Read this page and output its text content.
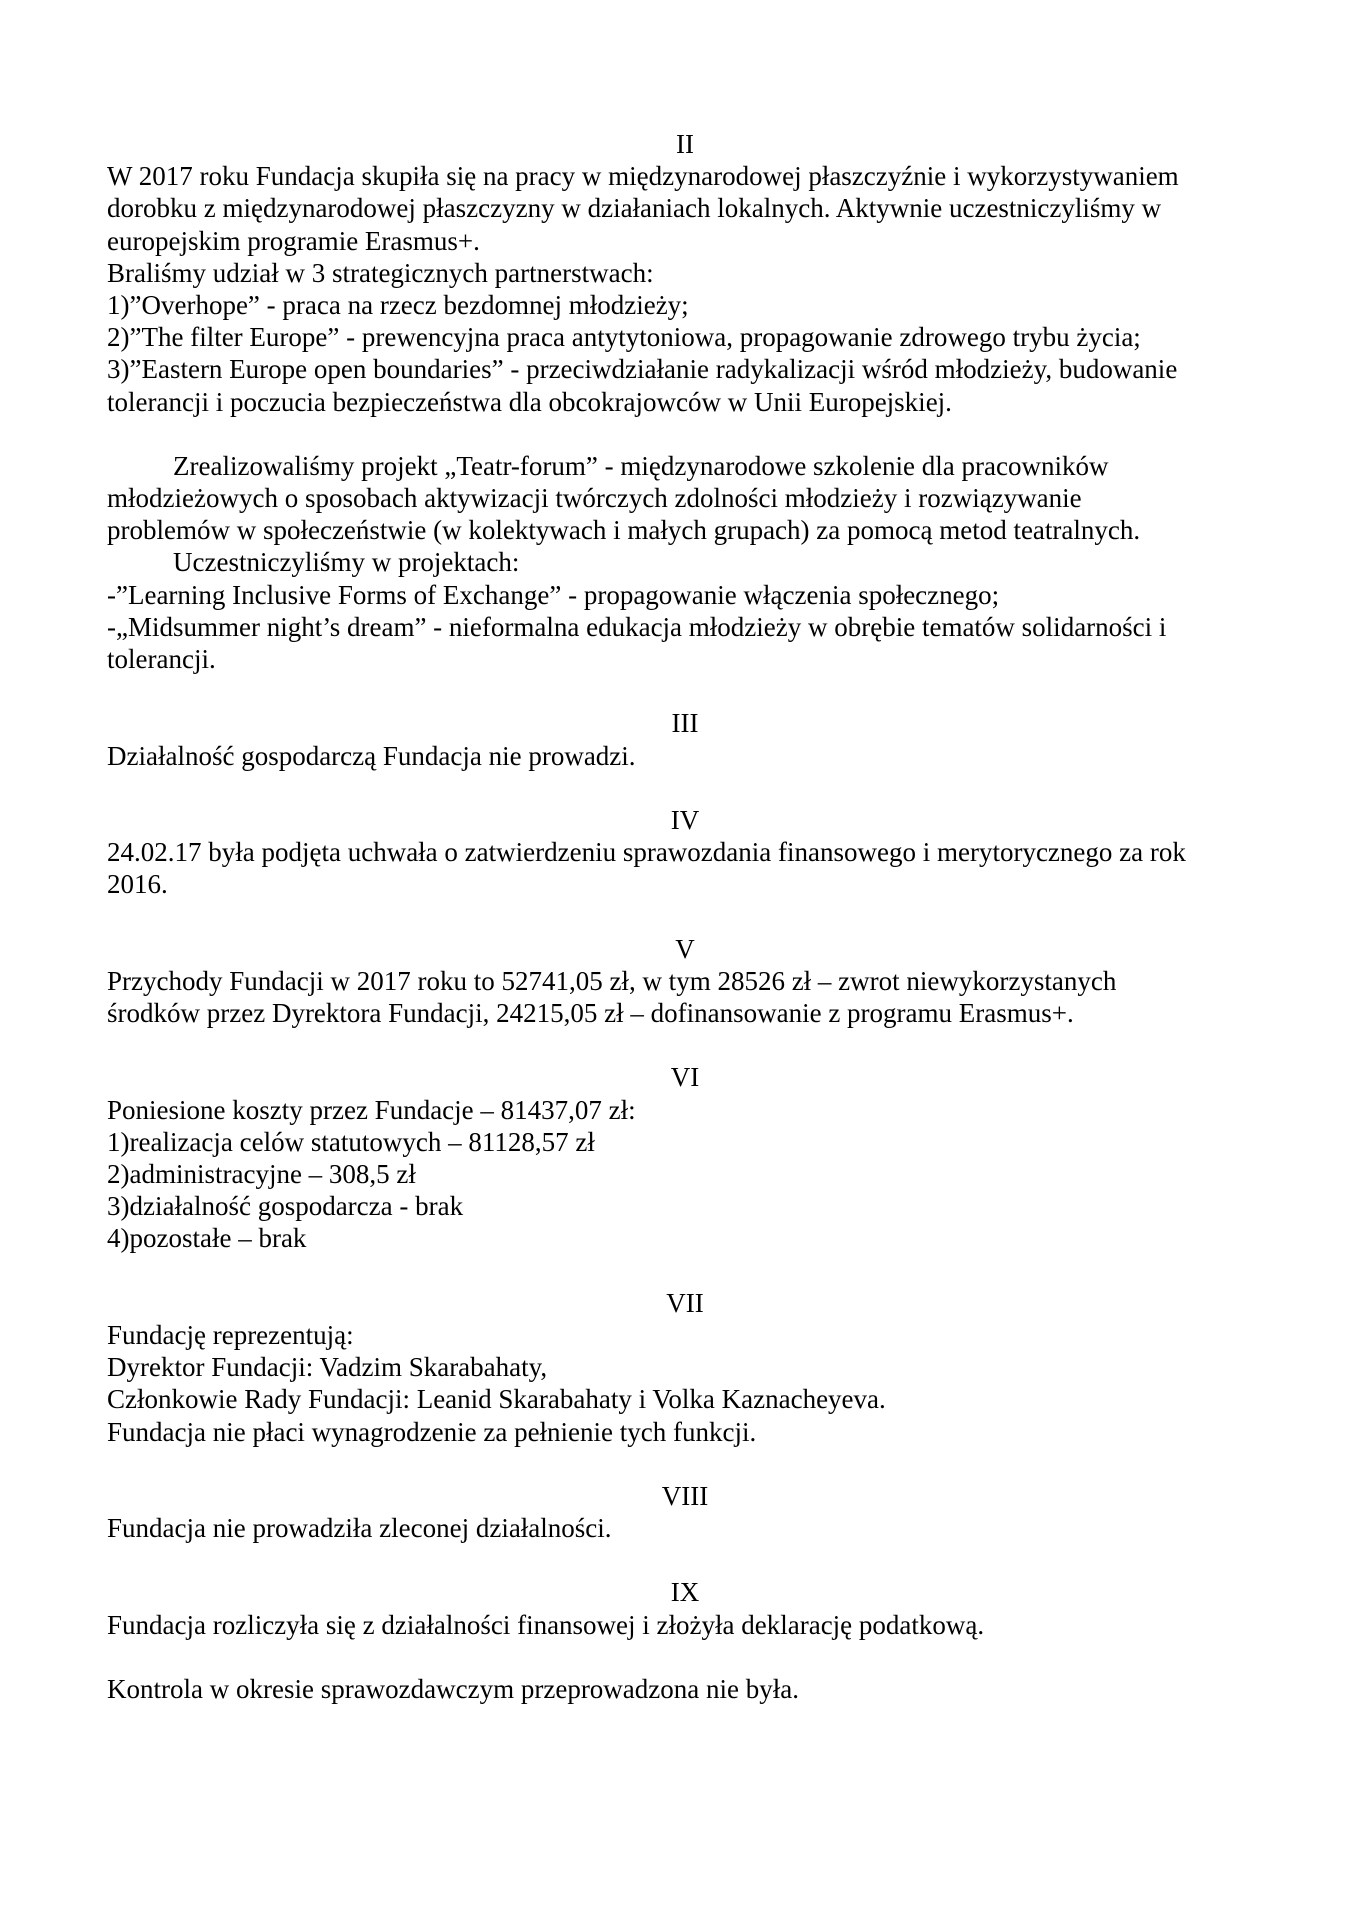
II
W 2017 roku Fundacja skupiła się na pracy w międzynarodowej płaszczyźnie i wykorzystywaniem
dorobku z międzynarodowej płaszczyzny w działaniach lokalnych. Aktywnie uczestniczyliśmy w
europejskim programie Erasmus+.
Braliśmy udział w 3 strategicznych partnerstwach:
1)”Overhope” - praca na rzecz bezdomnej młodzieży;
2)”The filter Europe” - prewencyjna praca antytytoniowa, propagowanie zdrowego trybu życia;
3)”Eastern Europe open boundaries” - przeciwdziałanie radykalizacji wśród młodzieży, budowanie
tolerancji i poczucia bezpieczeństwa dla obcokrajowców w Unii Europejskiej.
Zrealizowaliśmy projekt „Teatr-forum” - międzynarodowe szkolenie dla pracowników
młodzieżowych o sposobach aktywizacji twórczych zdolności młodzieży i rozwiązywanie
problemów w społeczeństwie (w kolektywach i małych grupach) za pomocą metod teatralnych.
Uczestniczyliśmy w projektach:
-”Learning Inclusive Forms of Exchange” - propagowanie włączenia społecznego;
-„Midsummer night’s dream” - nieformalna edukacja młodzieży w obrębie tematów solidarności i
tolerancji.
III
Działalność gospodarczą Fundacja nie prowadzi.
IV
24.02.17 była podjęta uchwała o zatwierdzeniu sprawozdania finansowego i merytorycznego za rok
2016.
V
Przychody Fundacji w 2017 roku to 52741,05 zł, w tym 28526 zł – zwrot niewykorzystanych
środków przez Dyrektora Fundacji, 24215,05 zł – dofinansowanie z programu Erasmus+.
VI
Poniesione koszty przez Fundacje – 81437,07 zł:
1)realizacja celów statutowych – 81128,57 zł
2)administracyjne – 308,5 zł
3)działalność gospodarcza - brak
4)pozostałe – brak
VII
Fundację reprezentują:
Dyrektor Fundacji: Vadzim Skarabahaty,
Członkowie Rady Fundacji: Leanid Skarabahaty i Volka Kaznacheyeva.
Fundacja nie płaci wynagrodzenie za pełnienie tych funkcji.
VIII
Fundacja nie prowadziła zleconej działalności.
IX
Fundacja rozliczyła się z działalności finansowej i złożyła deklarację podatkową.
Kontrola w okresie sprawozdawczym przeprowadzona nie była.
